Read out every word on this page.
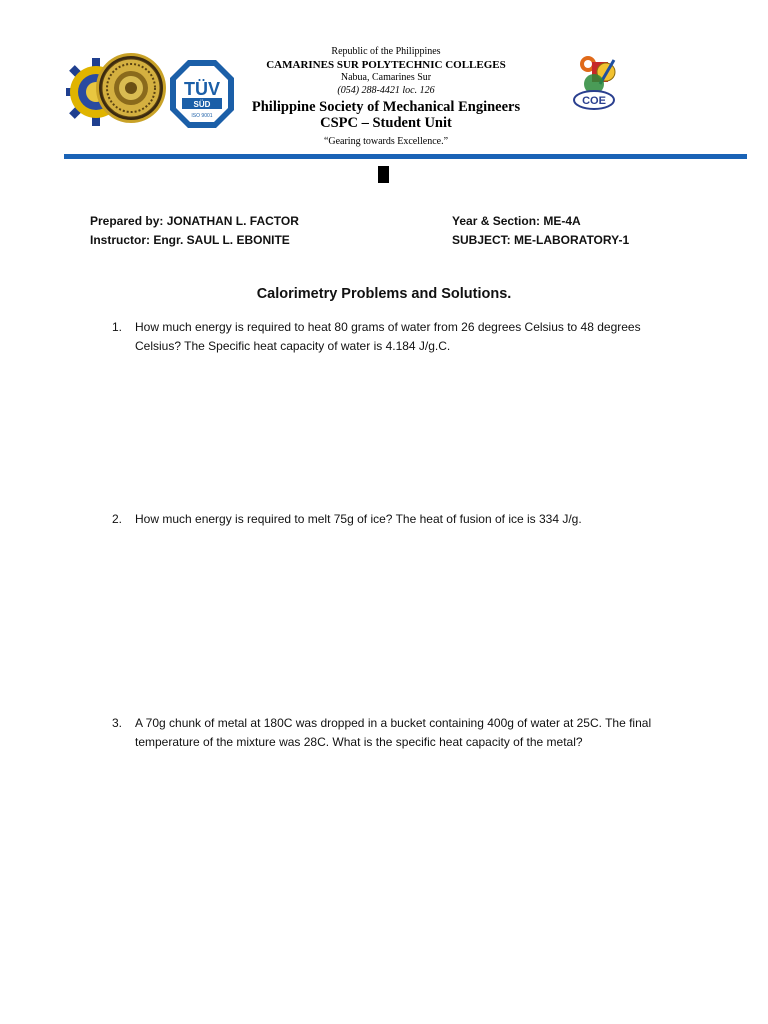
TÜV
SÜD
ISO 9001
Republic of the Philippines
CAMARINES SUR POLYTECHNIC COLLEGES
Nabua, Camarines Sur
(054) 288-4421 loc. 126
Philippine Society of Mechanical Engineers
CSPC – Student Unit
“Gearing towards Excellence.”
COE
Prepared by: JONATHAN L. FACTOR
Instructor: Engr. SAUL L. EBONITE
Year & Section: ME-4A
SUBJECT: ME-LABORATORY-1
Calorimetry Problems and Solutions.
1.	How much energy is required to heat 80 grams of water from 26 degrees Celsius to 48 degrees Celsius? The Specific heat capacity of water is 4.184 J/g.C.
2.	How much energy is required to melt 75g of ice? The heat of fusion of ice is 334 J/g.
3.	A 70g chunk of metal at 180C was dropped in a bucket containing 400g of water at 25C. The final temperature of the mixture was 28C. What is the specific heat capacity of the metal?
